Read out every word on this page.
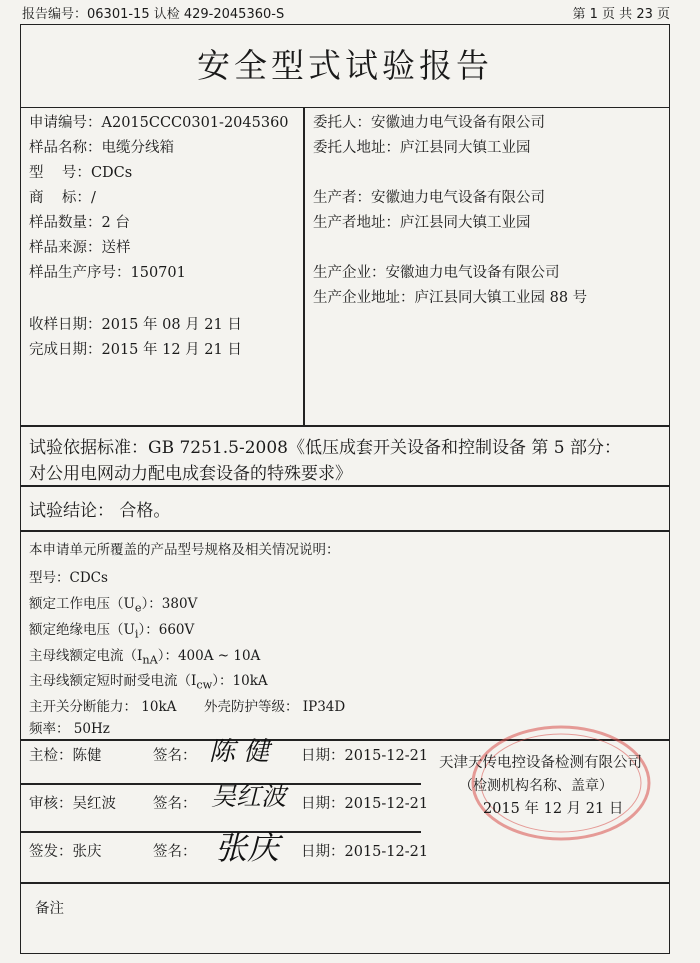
报告编号：06301-15 认检 429-2045360-S	第 1 页 共 23 页
安全型式试验报告
申请编号：A2015CCC0301-2045360
样品名称：电缆分线箱
型    号：CDCs
商    标：/
样品数量：2 台
样品来源：送样
样品生产序号：150701
收样日期：2015 年 08 月 21 日
完成日期：2015 年 12 月 21 日
委托人：安徽迪力电气设备有限公司
委托人地址：庐江县同大镇工业园
生产者：安徽迪力电气设备有限公司
生产者地址：庐江县同大镇工业园
生产企业：安徽迪力电气设备有限公司
生产企业地址：庐江县同大镇工业园 88 号
试验依据标准：GB 7251.5-2008《低压成套开关设备和控制设备 第 5 部分：
对公用电网动力配电成套设备的特殊要求》
试验结论： 合格。
本申请单元所覆盖的产品型号规格及相关情况说明：
型号：CDCs
额定工作电压$(U_e)$：380V
额定绝缘电压$(U_i)$：660V
主母线额定电流$(I_{nA})$：400A ~ 10A
主母线额定短时耐受电流$(I_{cw})$：10kA
主开关分断能力： 10kA 外壳防护等级： IP34D
频率： 50Hz
主检：陈健	签名： 陈 健 日期：2015-12-21
审核：吴红波	签名： 吴红波 日期：2015-12-21
签发：张庆	签名： 张庆 日期：2015-12-21
备注
天津天传电控设备检测有限公司
（检测机构名称、盖章）
2015 年 12 月 21 日
